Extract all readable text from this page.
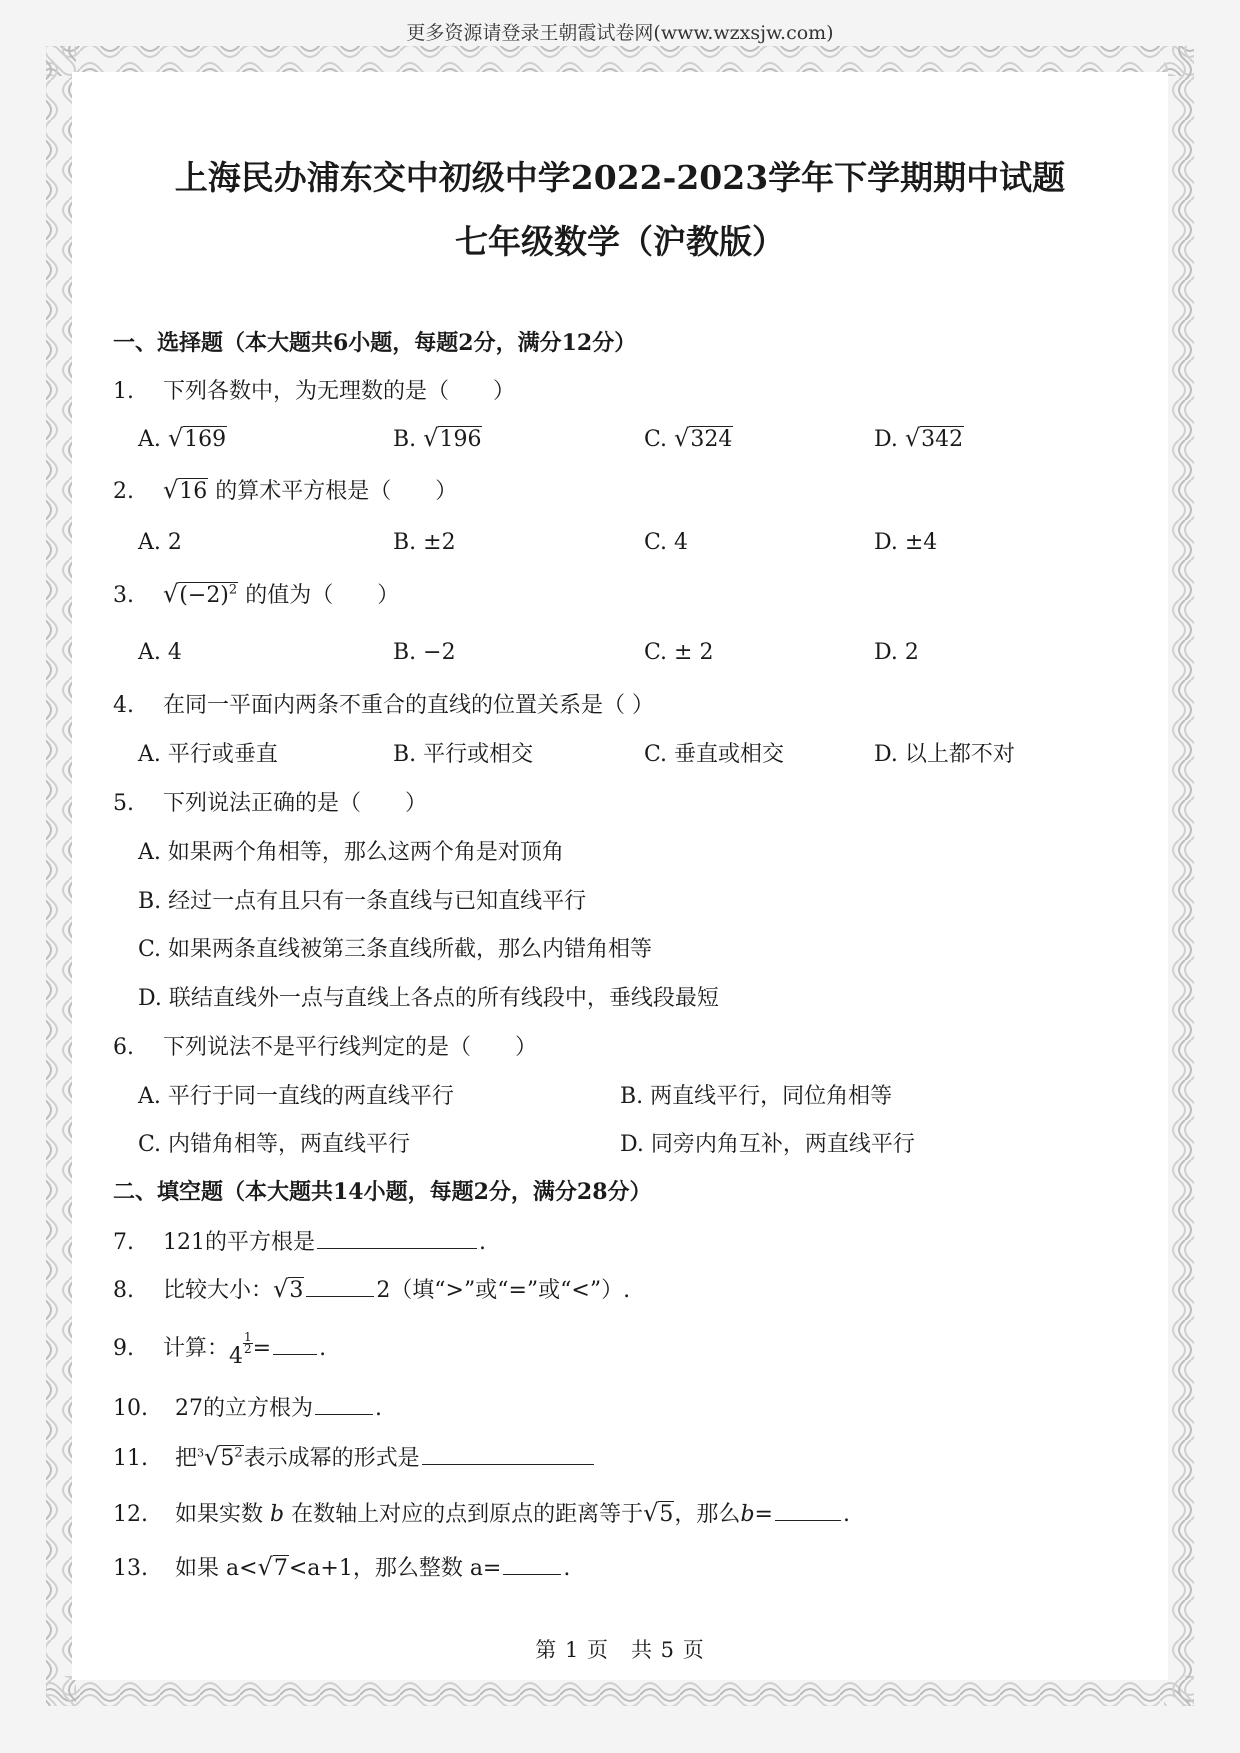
更多资源请登录王朝霞试卷网(www.wzxsjw.com)
上海民办浦东交中初级中学2022-2023学年下学期期中试题
七年级数学（沪教版）
一、选择题（本大题共6小题，每题2分，满分12分）
1. 下列各数中，为无理数的是（　　）
A. √169	B. √196	C. √324	D. √342
2. √16 的算术平方根是（　　）
A. 2	B. ±2	C. 4	D. ±4
3. $√(-2)^2$ 的值为（　　）
A. 4	B. −2	C. ± 2	D. 2
4. 在同一平面内两条不重合的直线的位置关系是（ ）
A. 平行或垂直	B. 平行或相交	C. 垂直或相交	D. 以上都不对
5. 下列说法正确的是（　　）
A. 如果两个角相等，那么这两个角是对顶角
B. 经过一点有且只有一条直线与已知直线平行
C. 如果两条直线被第三条直线所截，那么内错角相等
D. 联结直线外一点与直线上各点的所有线段中，垂线段最短
6. 下列说法不是平行线判定的是（　　）
A. 平行于同一直线的两直线平行	B. 两直线平行，同位角相等
C. 内错角相等，两直线平行	D. 同旁内角互补，两直线平行
二、填空题（本大题共14小题，每题2分，满分28分）
7. 121的平方根是	.
8. 比较大小：√3	2（填“>”或“=”或“<”）.
9. 计算：4
$\frac{1}{2}$ = .
10. 27的立方根为	.
11. 把$^3√5^2$表示成幂的形式是
12. 如果实数 b 在数轴上对应的点到原点的距离等于√5，那么b=	.
13. 如果 a<√7<a+1，那么整数 a=	.
第 1 页　共 5 页
